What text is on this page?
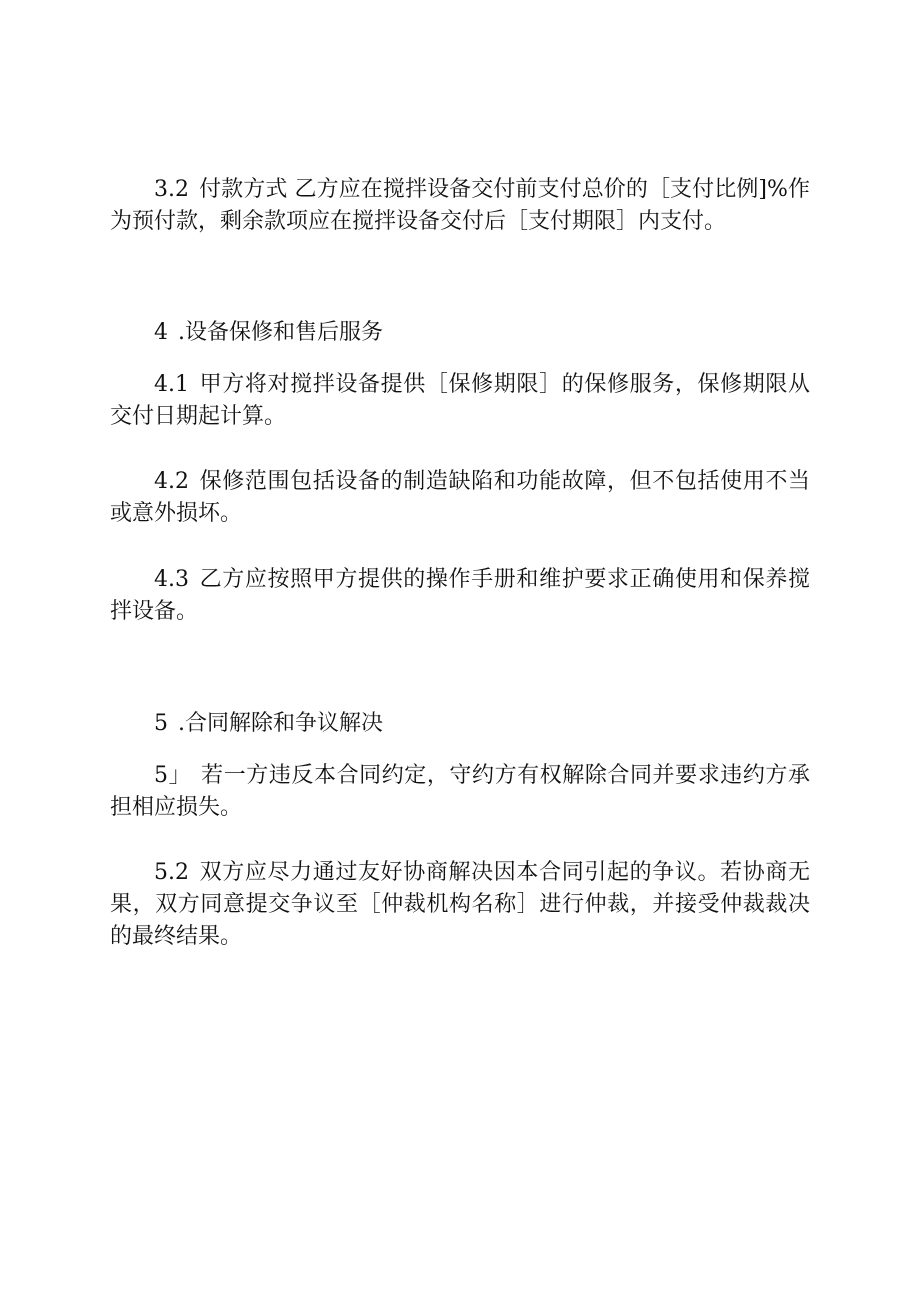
3.2 付款方式 乙方应在搅拌设备交付前支付总价的［支付比例]%作为预付款，剩余款项应在搅拌设备交付后［支付期限］内支付。

4 .设备保修和售后服务

4.1 甲方将对搅拌设备提供［保修期限］的保修服务，保修期限从交付日期起计算。

4.2 保修范围包括设备的制造缺陷和功能故障，但不包括使用不当或意外损坏。

4.3 乙方应按照甲方提供的操作手册和维护要求正确使用和保养搅拌设备。

5 .合同解除和争议解决

5」 若一方违反本合同约定，守约方有权解除合同并要求违约方承担相应损失。

5.2 双方应尽力通过友好协商解决因本合同引起的争议。若协商无果，双方同意提交争议至［仲裁机构名称］进行仲裁，并接受仲裁裁决的最终结果。
